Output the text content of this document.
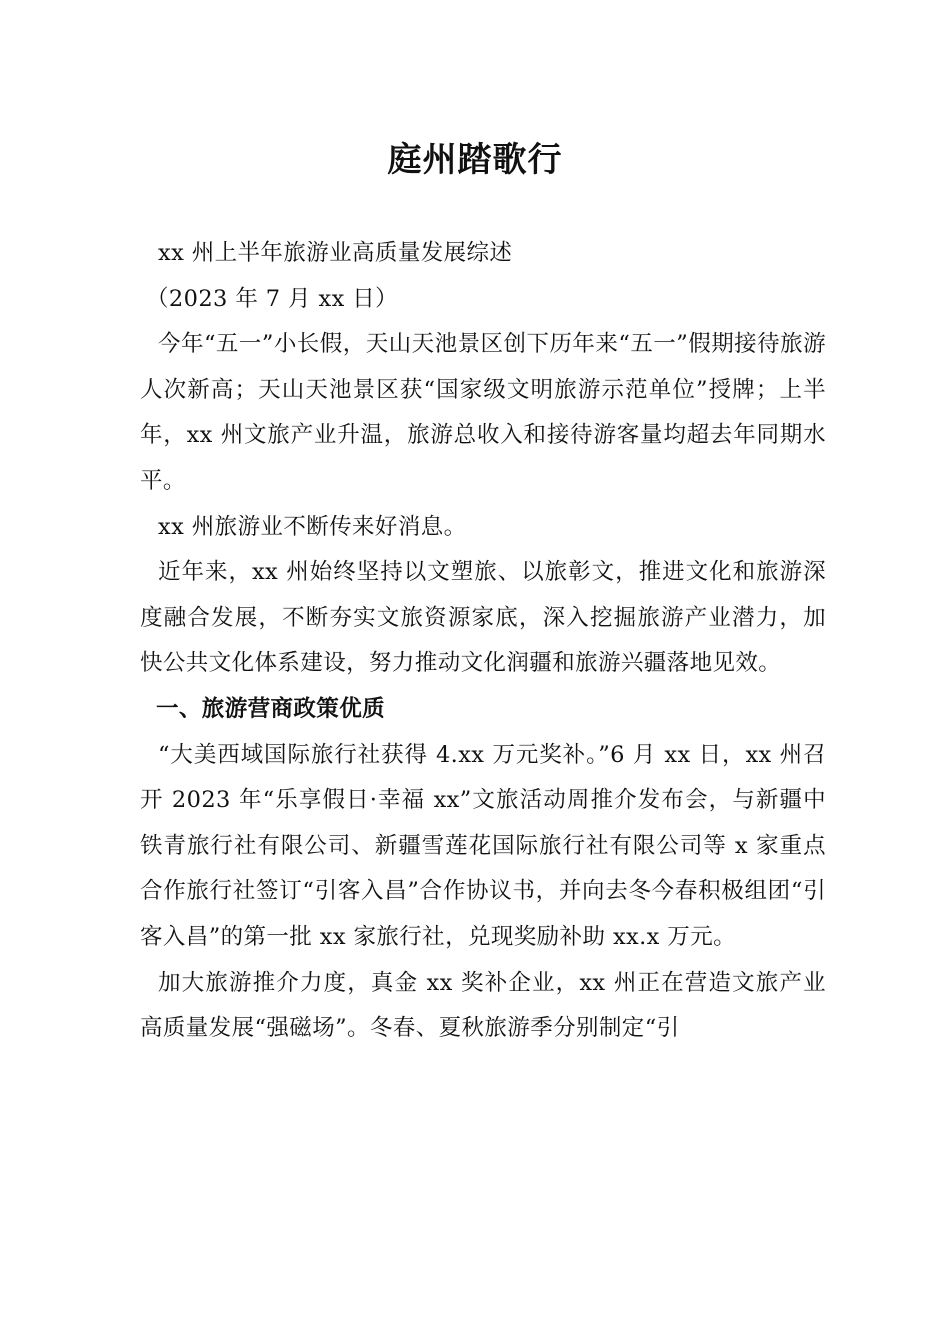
庭州踏歌行

xx 州上半年旅游业高质量发展综述

（2023 年 7 月 xx 日）

今年“五一”小长假，天山天池景区创下历年来“五一”假期接待旅游人次新高；天山天池景区获“国家级文明旅游示范单位”授牌；上半年，xx 州文旅产业升温，旅游总收入和接待游客量均超去年同期水平。

xx 州旅游业不断传来好消息。

近年来，xx 州始终坚持以文塑旅、以旅彰文，推进文化和旅游深度融合发展，不断夯实文旅资源家底，深入挖掘旅游产业潜力，加快公共文化体系建设，努力推动文化润疆和旅游兴疆落地见效。

一、旅游营商政策优质

“大美西域国际旅行社获得 4.xx 万元奖补。”6 月 xx 日，xx 州召开 2023 年“乐享假日·幸福 xx”文旅活动周推介发布会，与新疆中铁青旅行社有限公司、新疆雪莲花国际旅行社有限公司等 x 家重点合作旅行社签订“引客入昌”合作协议书，并向去冬今春积极组团“引客入昌”的第一批 xx 家旅行社，兑现奖励补助 xx.x 万元。

加大旅游推介力度，真金 xx 奖补企业，xx 州正在营造文旅产业高质量发展“强磁场”。冬春、夏秋旅游季分别制定“引
